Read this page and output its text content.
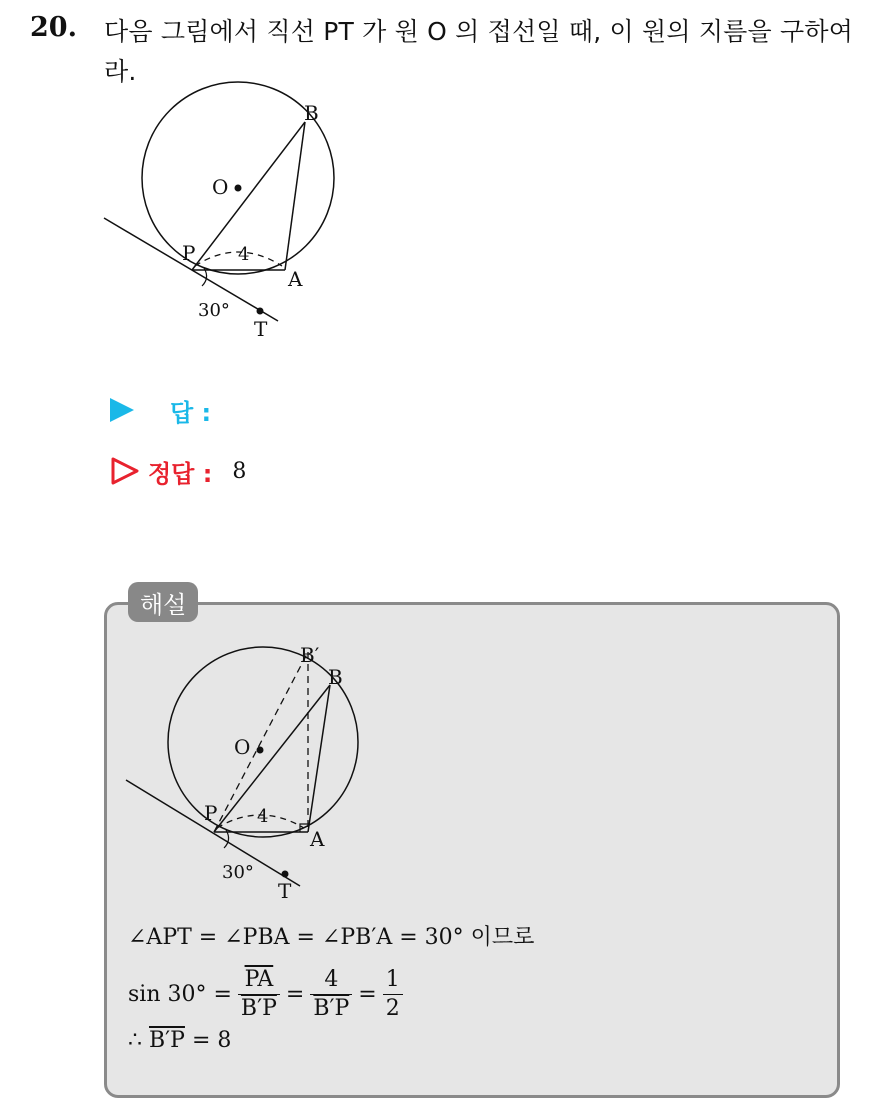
20. 다음 그림에서 직선 PT 가 원 O 의 접선일 때, 이 원의 지름을 구하여라.
B
O
P
A
T
4
30°
답 :
정답 : 8
해설
B′
B
O
P
A
T
4
30°
∠APT = ∠PBA = ∠PB′A = 30° 이므로
$\sin 30^\circ = \frac{\overline{PA}}{B'P} = \frac{4}{B'P} = \frac{1}{2}$
∴ B′P = 8
